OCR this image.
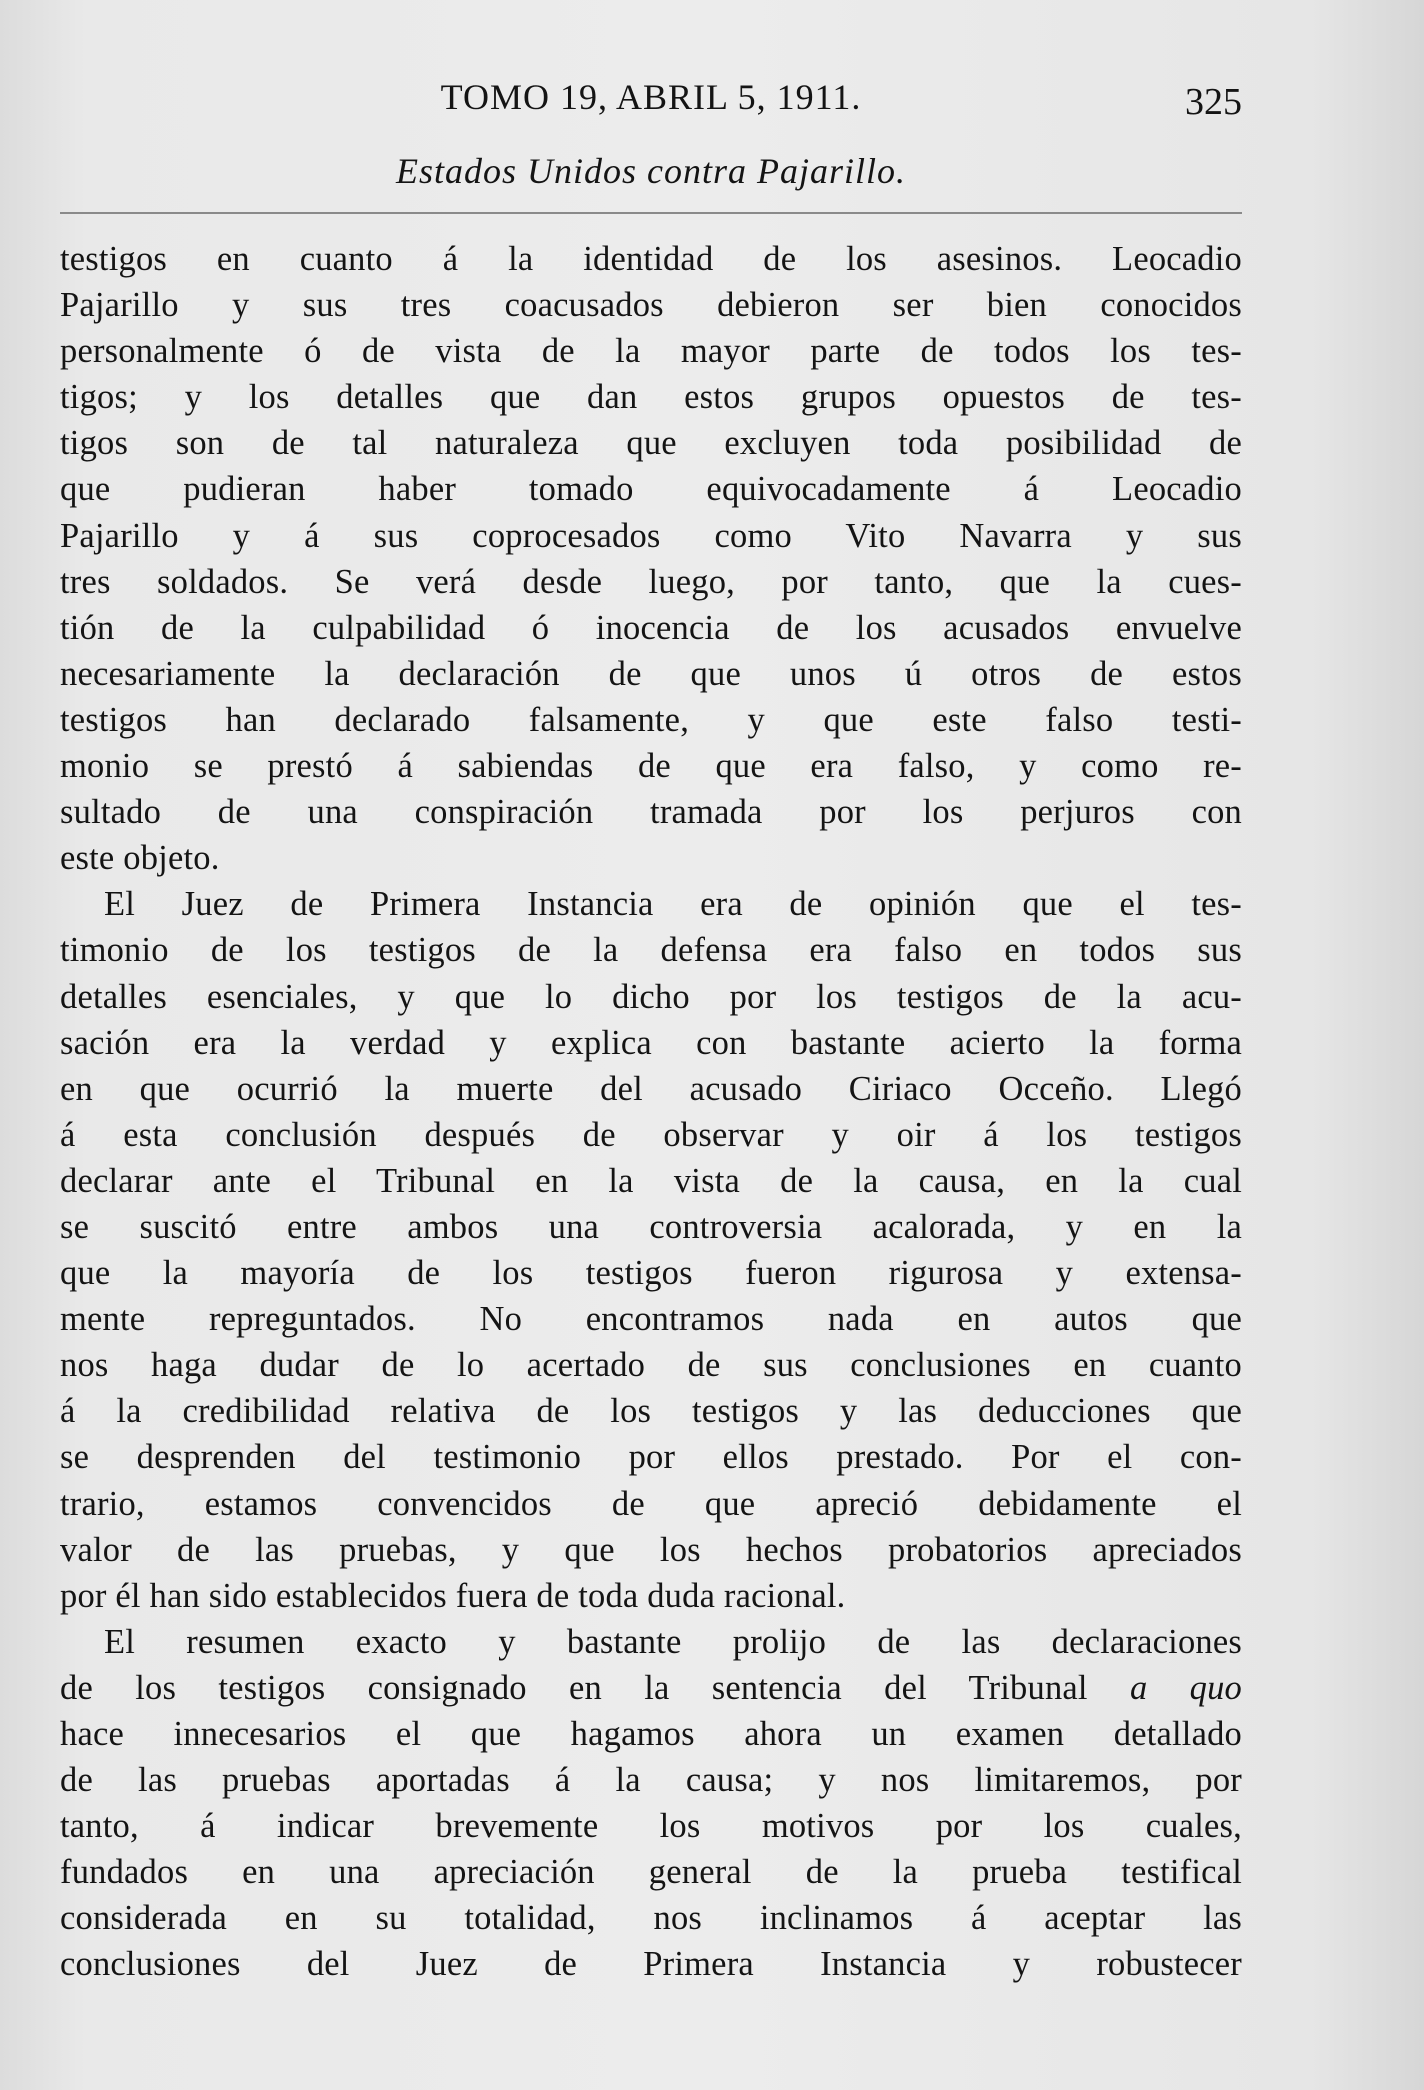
TOMO 19, ABRIL 5, 1911.	325
Estados Unidos contra Pajarillo.
testigos en cuanto á la identidad de los asesinos. Leocadio
Pajarillo y sus tres coacusados debieron ser bien conocidos
personalmente ó de vista de la mayor parte de todos los tes-
tigos; y los detalles que dan estos grupos opuestos de tes-
tigos son de tal naturaleza que excluyen toda posibilidad de
que pudieran haber tomado equivocadamente á Leocadio
Pajarillo y á sus coprocesados como Vito Navarra y sus
tres soldados. Se verá desde luego, por tanto, que la cues-
tión de la culpabilidad ó inocencia de los acusados envuelve
necesariamente la declaración de que unos ú otros de estos
testigos han declarado falsamente, y que este falso testi-
monio se prestó á sabiendas de que era falso, y como re-
sultado de una conspiración tramada por los perjuros con
este objeto.
El Juez de Primera Instancia era de opinión que el tes-
timonio de los testigos de la defensa era falso en todos sus
detalles esenciales, y que lo dicho por los testigos de la acu-
sación era la verdad y explica con bastante acierto la forma
en que ocurrió la muerte del acusado Ciriaco Occeño. Llegó
á esta conclusión después de observar y oir á los testigos
declarar ante el Tribunal en la vista de la causa, en la cual
se suscitó entre ambos una controversia acalorada, y en la
que la mayoría de los testigos fueron rigurosa y extensa-
mente repreguntados. No encontramos nada en autos que
nos haga dudar de lo acertado de sus conclusiones en cuanto
á la credibilidad relativa de los testigos y las deducciones que
se desprenden del testimonio por ellos prestado. Por el con-
trario, estamos convencidos de que apreció debidamente el
valor de las pruebas, y que los hechos probatorios apreciados
por él han sido establecidos fuera de toda duda racional.
El resumen exacto y bastante prolijo de las declaraciones
de los testigos consignado en la sentencia del Tribunal a quo
hace innecesarios el que hagamos ahora un examen detallado
de las pruebas aportadas á la causa; y nos limitaremos, por
tanto, á indicar brevemente los motivos por los cuales,
fundados en una apreciación general de la prueba testifical
considerada en su totalidad, nos inclinamos á aceptar las
conclusiones del Juez de Primera Instancia y robustecer
